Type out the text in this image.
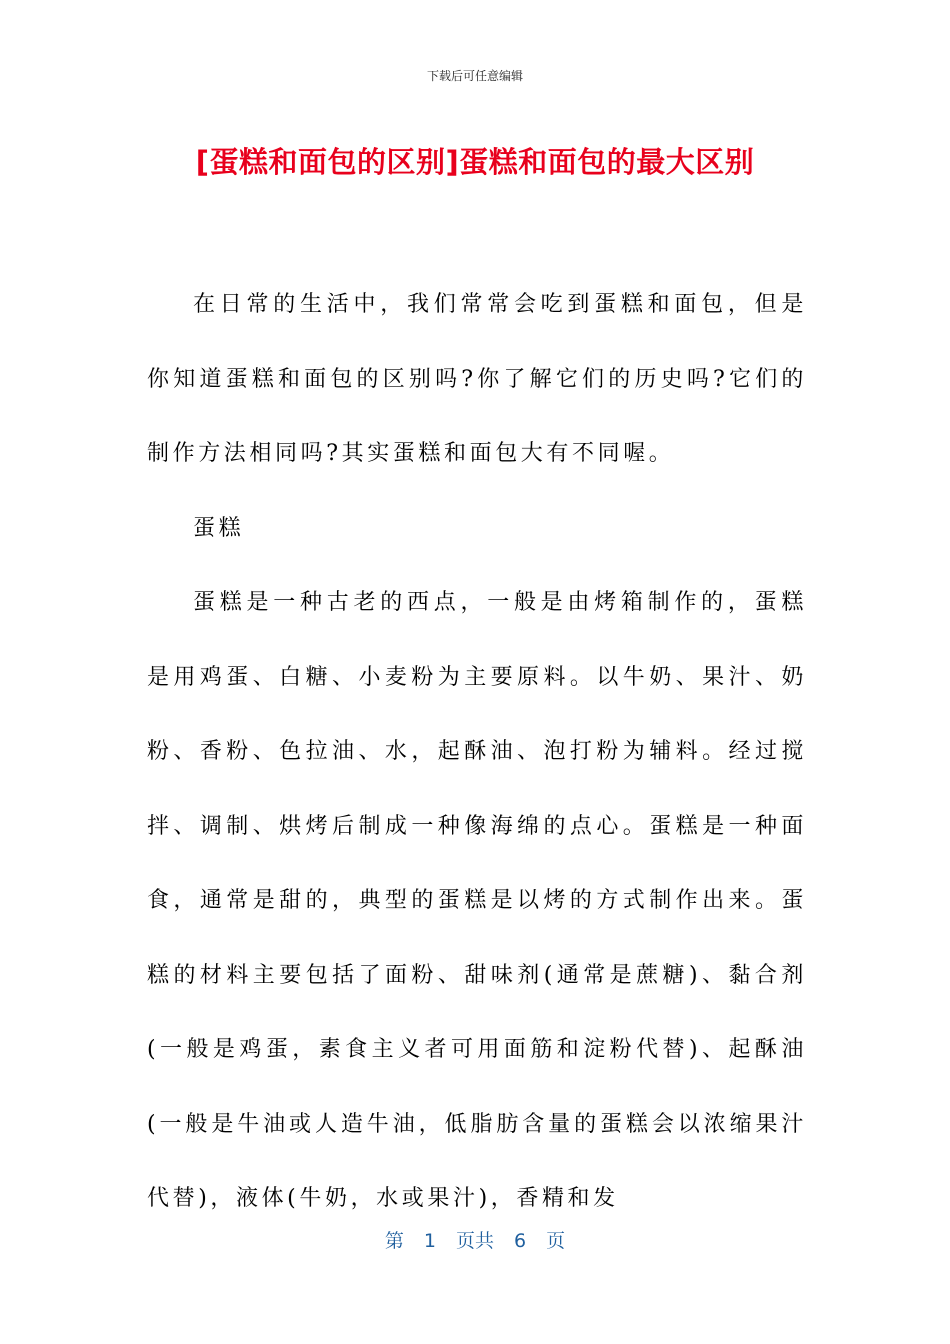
下载后可任意编辑
[蛋糕和面包的区别]蛋糕和面包的最大区别

在日常的生活中，我们常常会吃到蛋糕和面包，但是你知道蛋糕和面包的区别吗?你了解它们的历史吗?它们的制作方法相同吗?其实蛋糕和面包大有不同喔。

蛋糕

蛋糕是一种古老的西点，一般是由烤箱制作的，蛋糕是用鸡蛋、白糖、小麦粉为主要原料。以牛奶、果汁、奶粉、香粉、色拉油、水，起酥油、泡打粉为辅料。经过搅拌、调制、烘烤后制成一种像海绵的点心。蛋糕是一种面食，通常是甜的，典型的蛋糕是以烤的方式制作出来。蛋糕的材料主要包括了面粉、甜味剂(通常是蔗糖)、黏合剂(一般是鸡蛋，素食主义者可用面筋和淀粉代替)、起酥油(一般是牛油或人造牛油，低脂肪含量的蛋糕会以浓缩果汁代替)，液体(牛奶，水或果汁)，香精和发

第 1 页共 6 页
